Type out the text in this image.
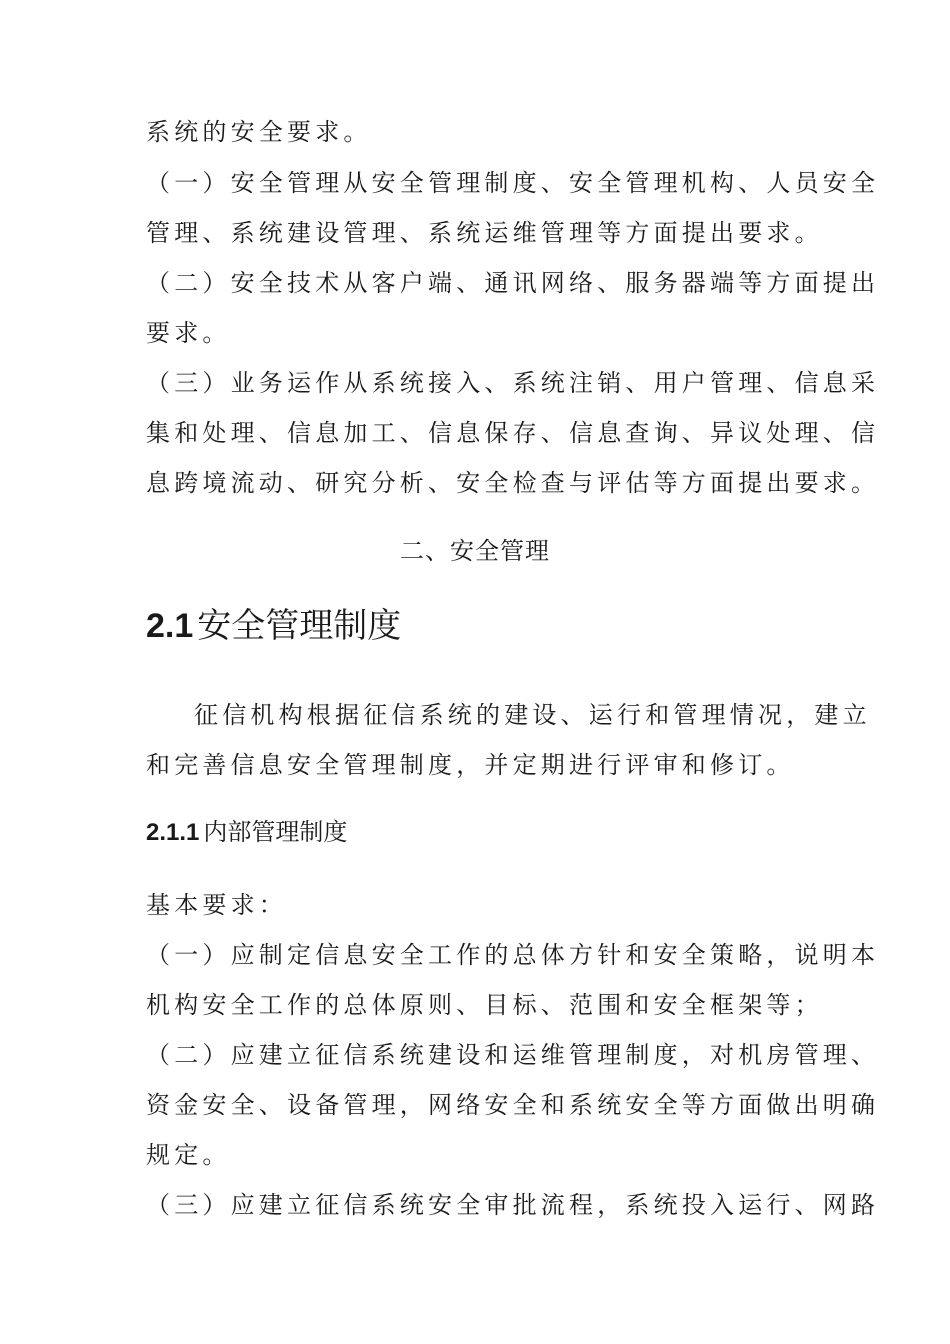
系统的安全要求。
（一）安全管理从安全管理制度、安全管理机构、人员安全
管理、系统建设管理、系统运维管理等方面提出要求。
（二）安全技术从客户端、通讯网络、服务器端等方面提出
要求。
（三）业务运作从系统接入、系统注销、用户管理、信息采
集和处理、信息加工、信息保存、信息查询、异议处理、信
息跨境流动、研究分析、安全检查与评估等方面提出要求。
二、安全管理
2.1 安全管理制度
征信机构根据征信系统的建设、运行和管理情况，建立
和完善信息安全管理制度，并定期进行评审和修订。
2.1.1 内部管理制度
基本要求：
（一）应制定信息安全工作的总体方针和安全策略，说明本
机构安全工作的总体原则、目标、范围和安全框架等；
（二）应建立征信系统建设和运维管理制度，对机房管理、
资金安全、设备管理，网络安全和系统安全等方面做出明确
规定。
（三）应建立征信系统安全审批流程，系统投入运行、网路
